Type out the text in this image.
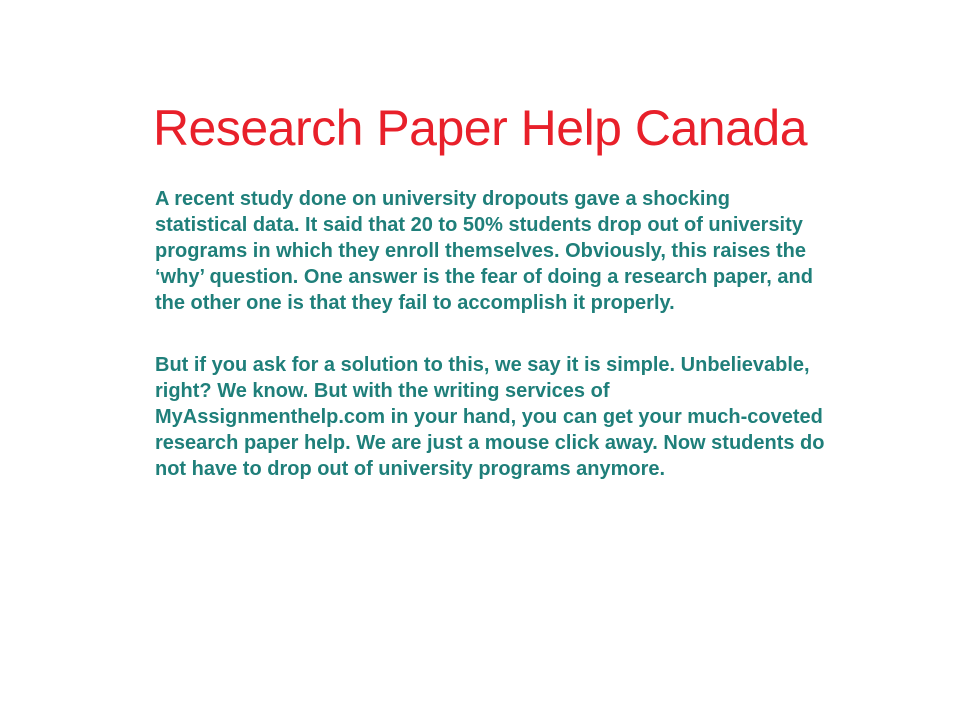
Research Paper Help Canada

A recent study done on university dropouts gave a shocking statistical data. It said that 20 to 50% students drop out of university programs in which they enroll themselves. Obviously, this raises the ‘why’ question. One answer is the fear of doing a research paper, and the other one is that they fail to accomplish it properly.

But if you ask for a solution to this, we say it is simple. Unbelievable, right? We know. But with the writing services of MyAssignmenthelp.com in your hand, you can get your much-coveted research paper help. We are just a mouse click away. Now students do not have to drop out of university programs anymore.
